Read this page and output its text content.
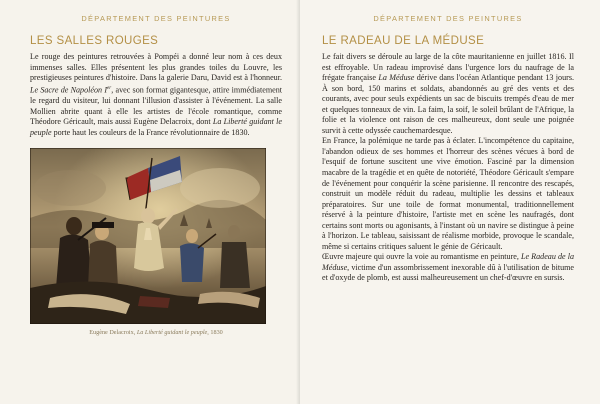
DÉPARTEMENT DES PEINTURES
LES SALLES ROUGES

Le rouge des peintures retrouvées à Pompéi a donné leur nom à ces deux immenses salles. Elles présentent les plus grandes toiles du Louvre, les prestigieuses peintures d'histoire. Dans la galerie Daru, David est à l'honneur. Le Sacre de Napoléon Ier, avec son format gigantesque, attire immédiatement le regard du visiteur, lui donnant l'illusion d'assister à l'événement. La salle Mollien abrite quant à elle les artistes de l'école romantique, comme Théodore Géricault, mais aussi Eugène Delacroix, dont La Liberté guidant le peuple porte haut les couleurs de la France révolutionnaire de 1830.

Eugène Delacroix, La Liberté guidant le peuple, 1830
DÉPARTEMENT DES PEINTURES
LE RADEAU DE LA MÉDUSE

Le fait divers se déroule au large de la côte mauritanienne en juillet 1816. Il est effroyable. Un radeau improvisé dans l'urgence lors du naufrage de la frégate française La Méduse dérive dans l'océan Atlantique pendant 13 jours. À son bord, 150 marins et soldats, abandonnés au gré des vents et des courants, avec pour seuls expédients un sac de biscuits trempés d'eau de mer et quelques tonneaux de vin. La faim, la soif, le soleil brûlant de l'Afrique, la folie et la violence ont raison de ces malheureux, dont seule une poignée survit à cette odyssée cauchemardesque.

En France, la polémique ne tarde pas à éclater. L'incompétence du capitaine, l'abandon odieux de ses hommes et l'horreur des scènes vécues à bord de l'esquif de fortune suscitent une vive émotion. Fasciné par la dimension macabre de la tragédie et en quête de notoriété, Théodore Géricault s'empare de l'événement pour conquérir la scène parisienne. Il rencontre des rescapés, construit un modèle réduit du radeau, multiplie les dessins et tableaux préparatoires. Sur une toile de format monumental, traditionnellement réservé à la peinture d'histoire, l'artiste met en scène les naufragés, dont certains sont morts ou agonisants, à l'instant où un navire se distingue à peine à l'horizon. Le tableau, saisissant de réalisme morbide, provoque le scandale, même si certains critiques saluent le génie de Géricault.

Œuvre majeure qui ouvre la voie au romantisme en peinture, Le Radeau de la Méduse, victime d'un assombrissement inexorable dû à l'utilisation de bitume et d'oxyde de plomb, est aussi malheureusement un chef-d'œuvre en sursis.
